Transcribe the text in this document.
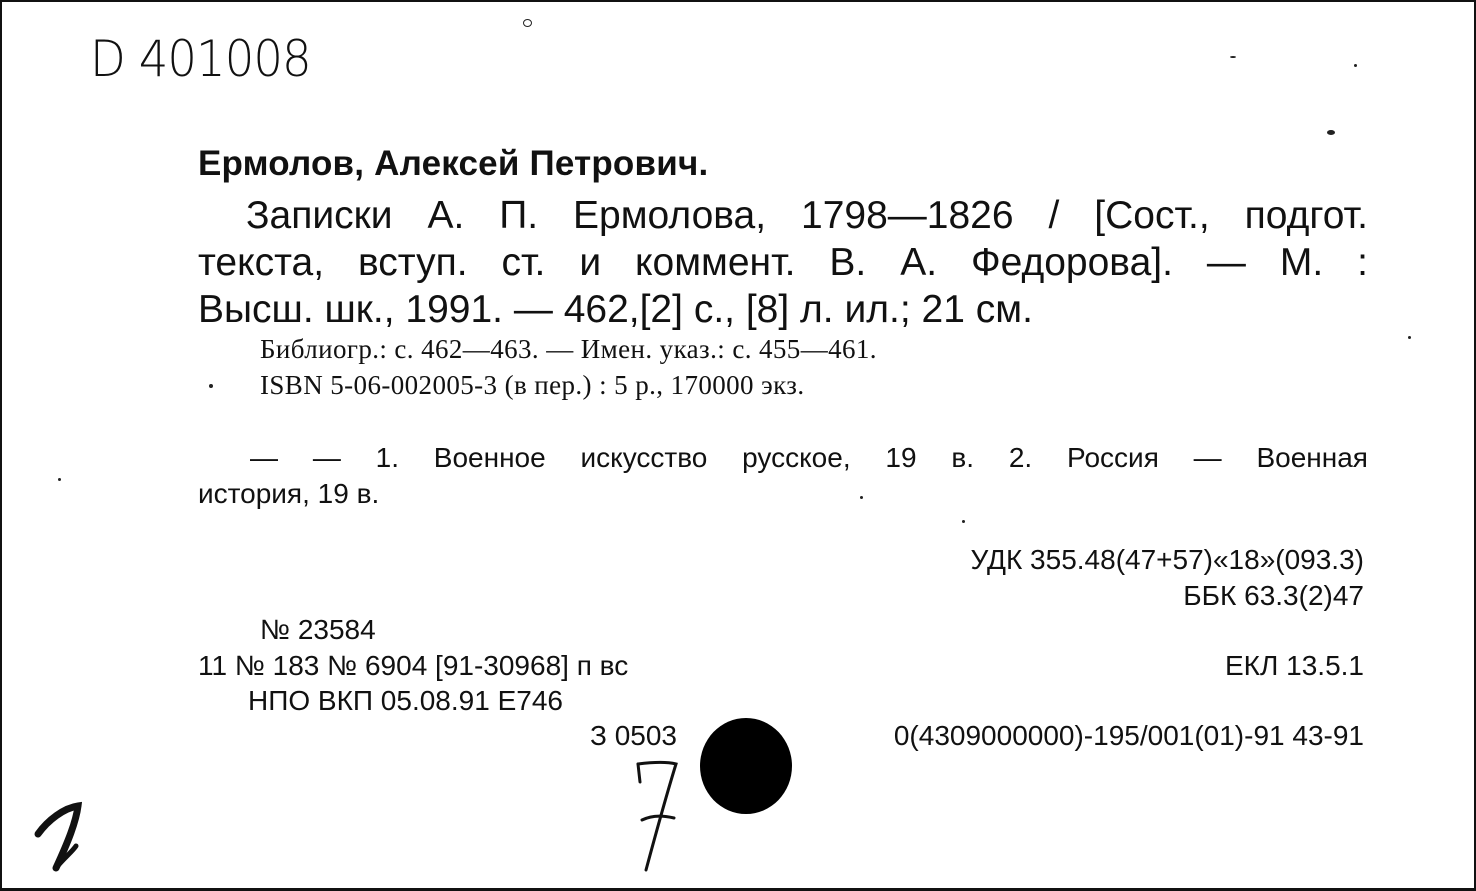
D 401008
Ермолов, Алексей Петрович.
Записки А. П. Ермолова, 1798—1826 / [Сост., подгот.
текста, вступ. ст. и коммент. В. А. Федорова]. — М. :
Высш.
шк.,
1991.
—
462,[2]
с.,
[8]
л.
ил.;
21
см.
Библиогр.: с. 462—463. — Имен. указ.: с. 455—461.
ISBN 5-06-002005-3 (в пер.) : 5 р., 170000 экз.
— — 1. Военное искусство русское, 19 в. 2. Россия — Военная
история, 19 в.
УДК 355.48(47+57)«18»(093.3)
ББК 63.3(2)47
№ 23584
11 № 183 № 6904 [91-30968] п вс	ЕКЛ 13.5.1
НПО ВКП 05.08.91 Е746
З 0503	0(4309000000)-195/001(01)-91 43-91
